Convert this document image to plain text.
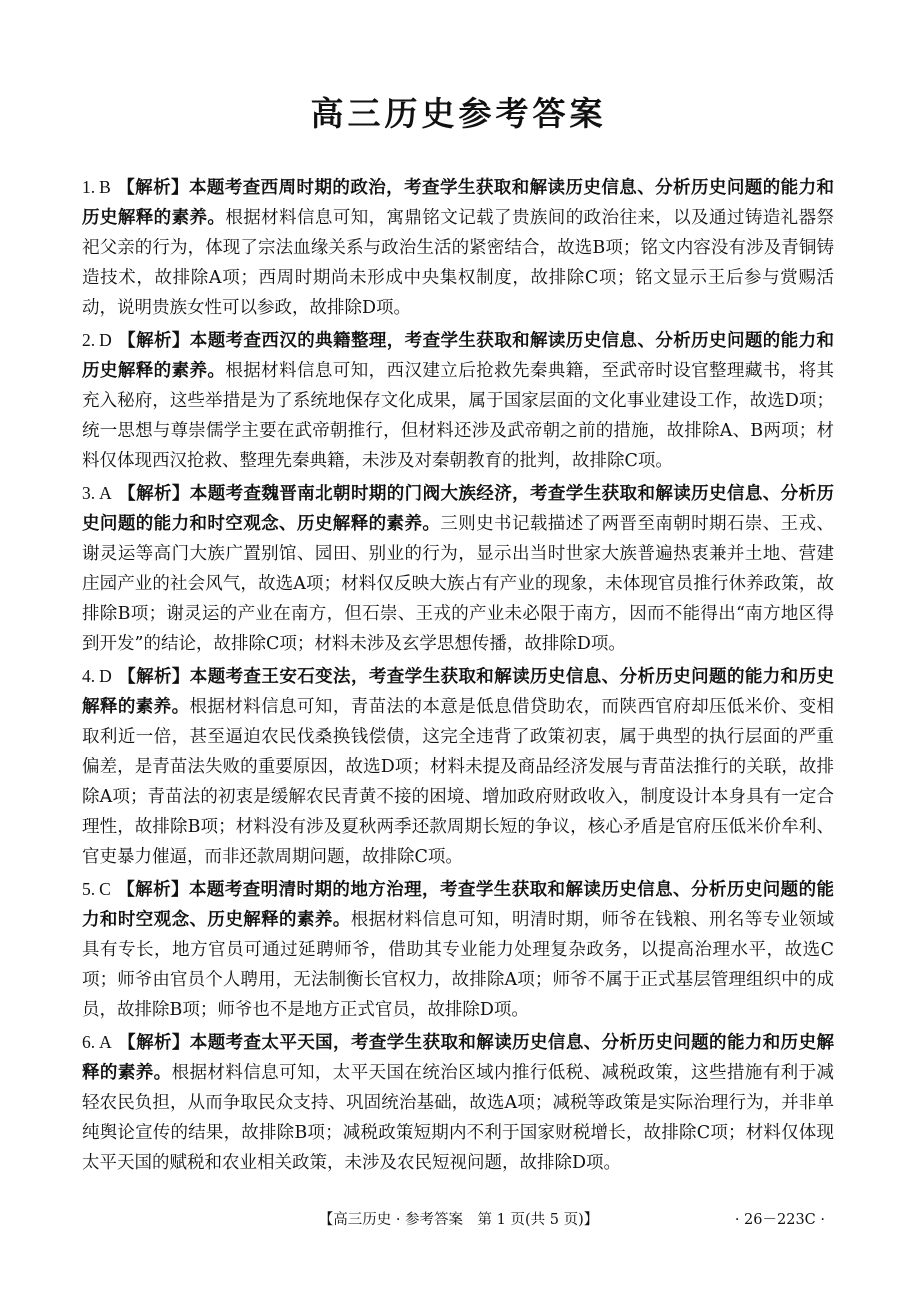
高三历史参考答案
1. B 【解析】本题考查西周时期的政治，考查学生获取和解读历史信息、分析历史问题的能力和历史解释的素养。根据材料信息可知，寓鼎铭文记载了贵族间的政治往来，以及通过铸造礼器祭祀父亲的行为，体现了宗法血缘关系与政治生活的紧密结合，故选B项；铭文内容没有涉及青铜铸造技术，故排除A项；西周时期尚未形成中央集权制度，故排除C项；铭文显示王后参与赏赐活动，说明贵族女性可以参政，故排除D项。
2. D 【解析】本题考查西汉的典籍整理，考查学生获取和解读历史信息、分析历史问题的能力和历史解释的素养。根据材料信息可知，西汉建立后抢救先秦典籍，至武帝时设官整理藏书，将其充入秘府，这些举措是为了系统地保存文化成果，属于国家层面的文化事业建设工作，故选D项；统一思想与尊崇儒学主要在武帝朝推行，但材料还涉及武帝朝之前的措施，故排除A、B两项；材料仅体现西汉抢救、整理先秦典籍，未涉及对秦朝教育的批判，故排除C项。
3. A 【解析】本题考查魏晋南北朝时期的门阀大族经济，考查学生获取和解读历史信息、分析历史问题的能力和时空观念、历史解释的素养。三则史书记载描述了两晋至南朝时期石崇、王戎、谢灵运等高门大族广置别馆、园田、别业的行为，显示出当时世家大族普遍热衷兼并土地、营建庄园产业的社会风气，故选A项；材料仅反映大族占有产业的现象，未体现官员推行休养政策，故排除B项；谢灵运的产业在南方，但石崇、王戎的产业未必限于南方，因而不能得出“南方地区得到开发”的结论，故排除C项；材料未涉及玄学思想传播，故排除D项。
4. D 【解析】本题考查王安石变法，考查学生获取和解读历史信息、分析历史问题的能力和历史解释的素养。根据材料信息可知，青苗法的本意是低息借贷助农，而陕西官府却压低米价、变相取利近一倍，甚至逼迫农民伐桑换钱偿债，这完全违背了政策初衷，属于典型的执行层面的严重偏差，是青苗法失败的重要原因，故选D项；材料未提及商品经济发展与青苗法推行的关联，故排除A项；青苗法的初衷是缓解农民青黄不接的困境、增加政府财政收入，制度设计本身具有一定合理性，故排除B项；材料没有涉及夏秋两季还款周期长短的争议，核心矛盾是官府压低米价牟利、官吏暴力催逼，而非还款周期问题，故排除C项。
5. C 【解析】本题考查明清时期的地方治理，考查学生获取和解读历史信息、分析历史问题的能力和时空观念、历史解释的素养。根据材料信息可知，明清时期，师爷在钱粮、刑名等专业领域具有专长，地方官员可通过延聘师爷，借助其专业能力处理复杂政务，以提高治理水平，故选C项；师爷由官员个人聘用，无法制衡长官权力，故排除A项；师爷不属于正式基层管理组织中的成员，故排除B项；师爷也不是地方正式官员，故排除D项。
6. A 【解析】本题考查太平天国，考查学生获取和解读历史信息、分析历史问题的能力和历史解释的素养。根据材料信息可知，太平天国在统治区域内推行低税、减税政策，这些措施有利于减轻农民负担，从而争取民众支持、巩固统治基础，故选A项；减税等政策是实际治理行为，并非单纯舆论宣传的结果，故排除B项；减税政策短期内不利于国家财税增长，故排除C项；材料仅体现太平天国的赋税和农业相关政策，未涉及农民短视问题，故排除D项。
【高三历史 · 参考答案　第 1 页(共 5 页)】	· 26－223C ·
